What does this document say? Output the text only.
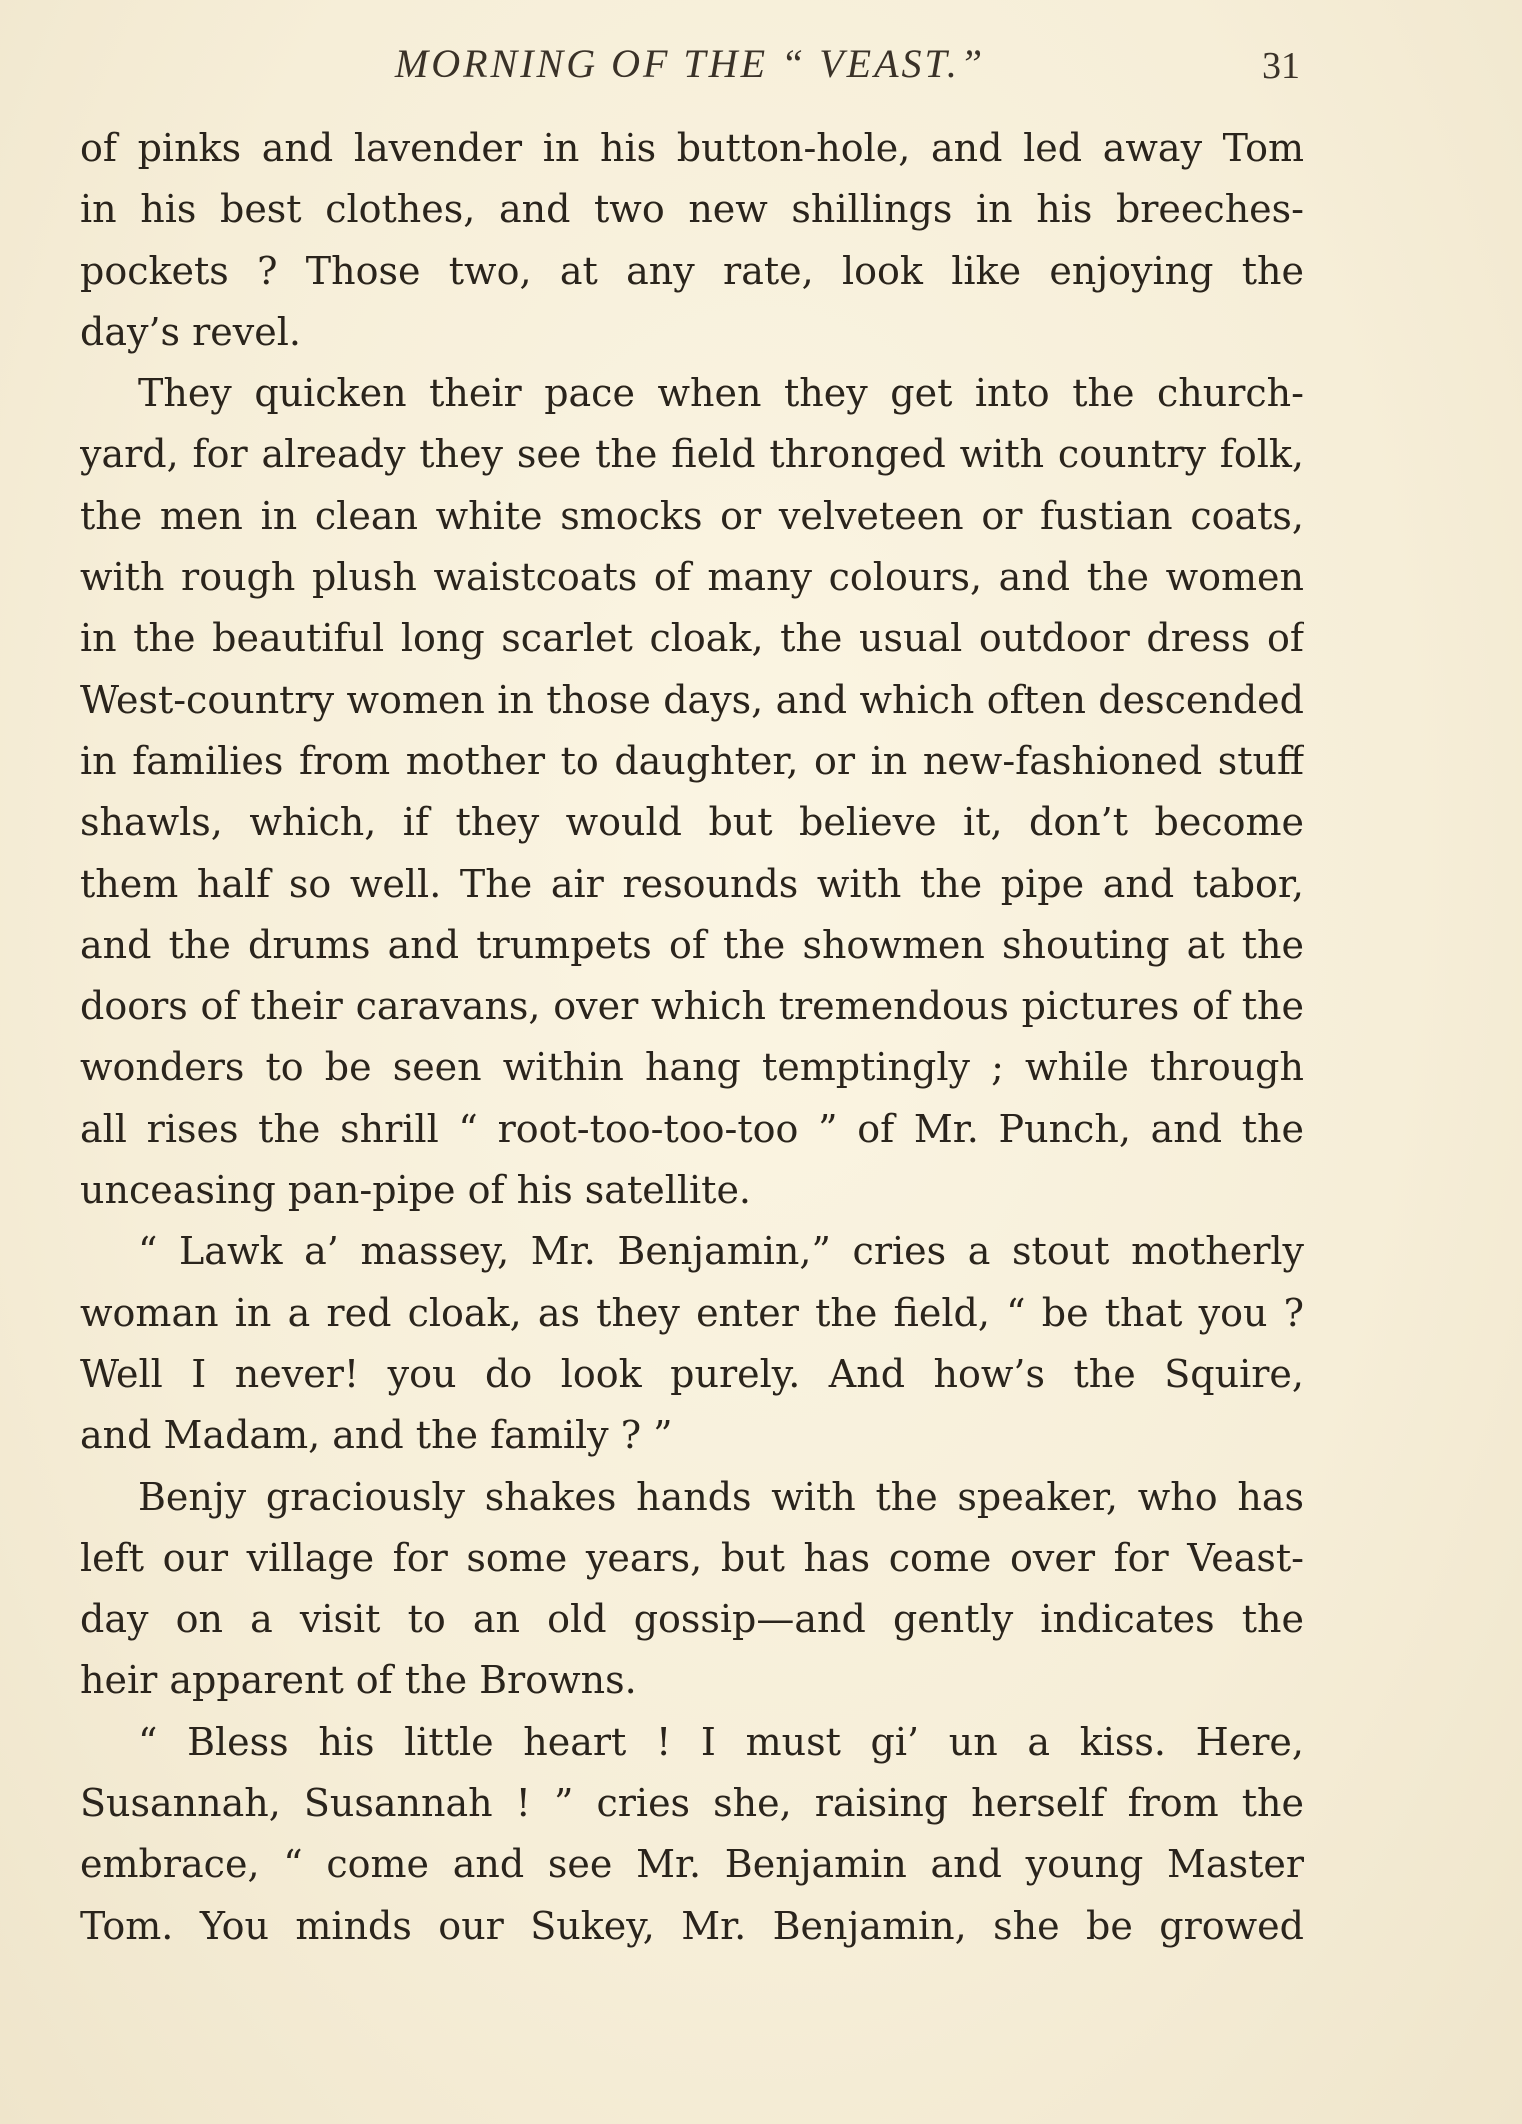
MORNING OF THE “ VEAST.”	31
of pinks and lavender in his button-hole, and led away Tom
in his best clothes, and two new shillings in his breeches-
pockets ? Those two, at any rate, look like enjoying the
day’s revel.
They quicken their pace when they get into the church-
yard, for already they see the field thronged with country folk,
the men in clean white smocks or velveteen or fustian coats,
with rough plush waistcoats of many colours, and the women
in the beautiful long scarlet cloak, the usual outdoor dress of
West-country women in those days, and which often descended
in families from mother to daughter, or in new-fashioned stuff
shawls, which, if they would but believe it, don’t become
them half so well. The air resounds with the pipe and tabor,
and the drums and trumpets of the showmen shouting at the
doors of their caravans, over which tremendous pictures of the
wonders to be seen within hang temptingly ; while through
all rises the shrill “ root-too-too-too ” of Mr. Punch, and the
unceasing pan-pipe of his satellite.
“ Lawk a’ massey, Mr. Benjamin,” cries a stout motherly
woman in a red cloak, as they enter the field, “ be that you ?
Well I never! you do look purely. And how’s the Squire,
and Madam, and the family ? ”
Benjy graciously shakes hands with the speaker, who has
left our village for some years, but has come over for Veast-
day on a visit to an old gossip—and gently indicates the
heir apparent of the Browns.
“ Bless his little heart ! I must gi’ un a kiss. Here,
Susannah, Susannah ! ” cries she, raising herself from the
embrace, “ come and see Mr. Benjamin and young Master
Tom. You minds our Sukey, Mr. Benjamin, she be growed
